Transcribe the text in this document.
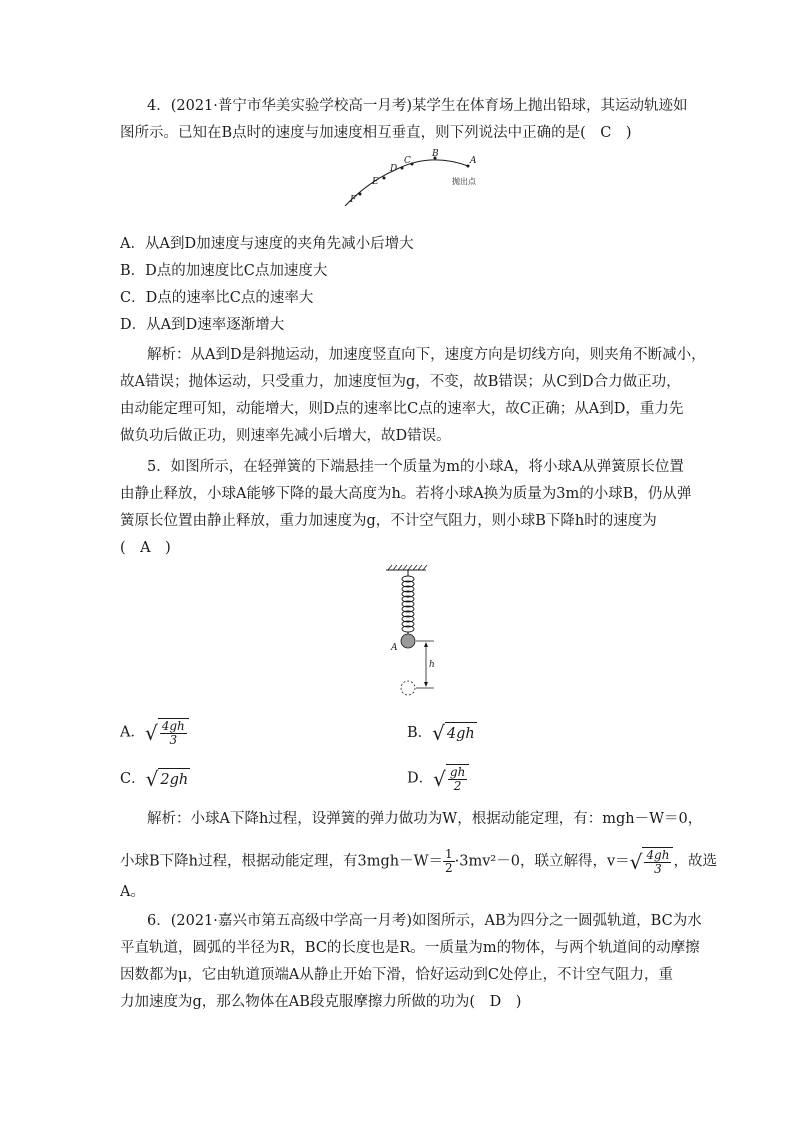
4．(2021·普宁市华美实验学校高一月考)某学生在体育场上抛出铅球，其运动轨迹如
图所示。已知在B点时的速度与加速度相互垂直，则下列说法中正确的是(　C　)
A
B
C
D
E
F
抛出点
A．从A到D加速度与速度的夹角先减小后增大
B．D点的加速度比C点加速度大
C．D点的速率比C点的速率大
D．从A到D速率逐渐增大
解析：从A到D是斜抛运动，加速度竖直向下，速度方向是切线方向，则夹角不断减小，
故A错误；抛体运动，只受重力，加速度恒为g，不变，故B错误；从C到D合力做正功，
由动能定理可知，动能增大，则D点的速率比C点的速率大，故C正确；从A到D，重力先
做负功后做正功，则速率先减小后增大，故D错误。
5．如图所示，在轻弹簧的下端悬挂一个质量为m的小球A，将小球A从弹簧原长位置
由静止释放，小球A能够下降的最大高度为h。若将小球A换为质量为3m的小球B，仍从弹
簧原长位置由静止释放，重力加速度为g，不计空气阻力，则小球B下降h时的速度为
(　A　)
A
h
A．√ $\frac{4gh}{3}$	B．√ 4gh
C．√ 2gh	D．√ $\frac{gh}{2}$
解析：小球A下降h过程，设弹簧的弹力做功为W，根据动能定理，有：mgh－W＝0，
小球B下降h过程，根据动能定理，有$3mgh-W= \frac{1}{2} \cdot 3mv^2-0$，联立解得，$v=√ \frac{4gh}{3}$ ，故选
A。
6．(2021·嘉兴市第五高级中学高一月考)如图所示，AB为四分之一圆弧轨道，BC为水
平直轨道，圆弧的半径为R，BC的长度也是R。一质量为m的物体，与两个轨道间的动摩擦
因数都为μ，它由轨道顶端A从静止开始下滑，恰好运动到C处停止，不计空气阻力，重
力加速度为g，那么物体在AB段克服摩擦力所做的功为(　D　)
